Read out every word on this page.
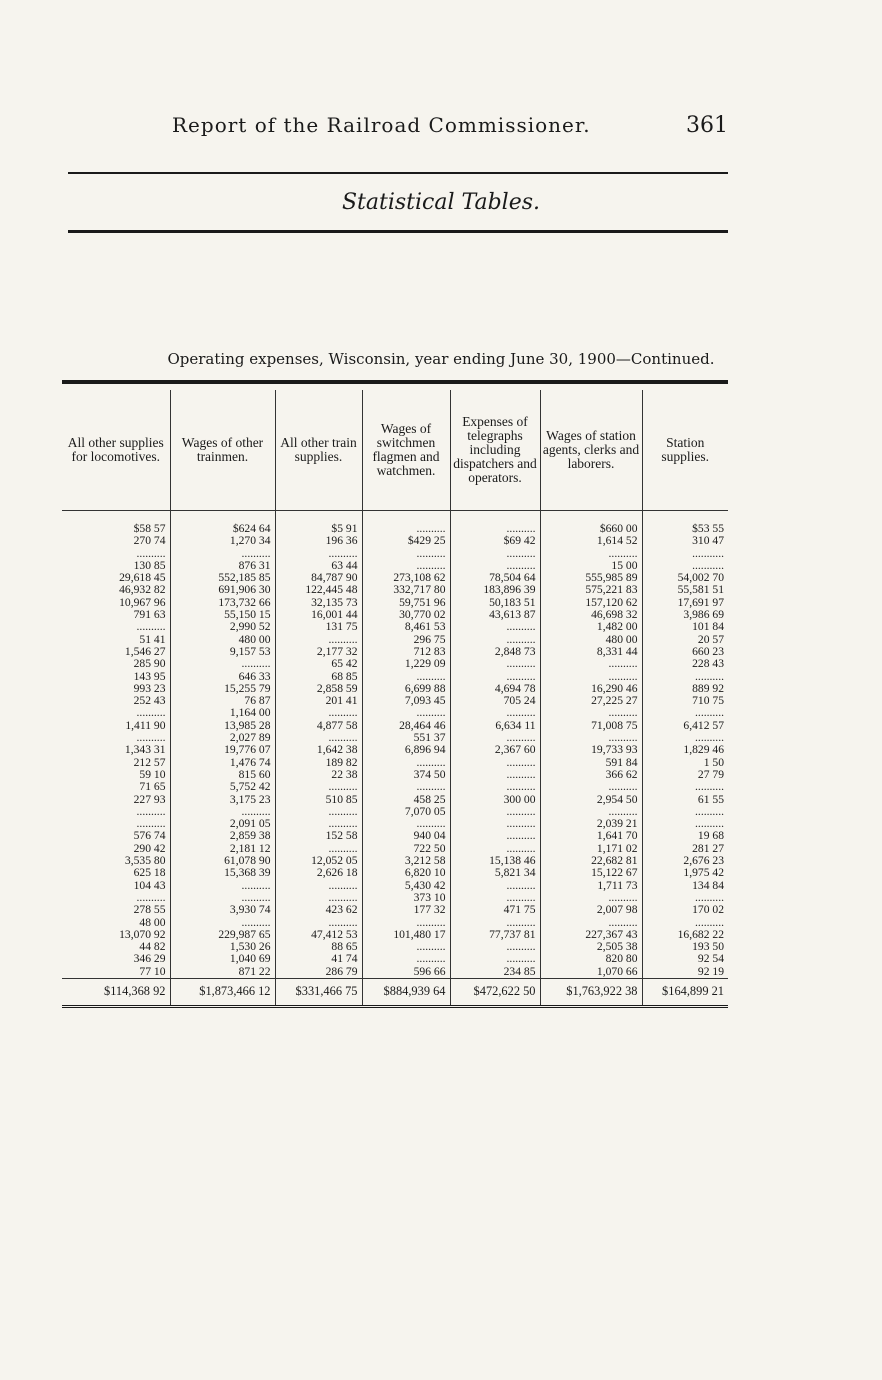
Report of the Railroad Commissioner.	361
Statistical Tables.
Operating expenses, Wisconsin, year ending June 30, 1900—Continued.
All other supplies for locomotives.	Wages of other trainmen.	All other train supplies.	Wages of switchmen flagmen and watchmen.	Expenses of telegraphs including dispatchers and operators.	Wages of station agents, clerks and laborers.	Station supplies.

$58 57	$624 64	$5 91	..........	..........	$660 00	$53 55
270 74	1,270 34	196 36	$429 25	$69 42	1,614 52	310 47
..........	..........	..........	..........	..........	..........	...........
130 85	876 31	63 44	..........	..........	15 00	...........
29,618 45	552,185 85	84,787 90	273,108 62	78,504 64	555,985 89	54,002 70
46,932 82	691,906 30	122,445 48	332,717 80	183,896 39	575,221 83	55,581 51
10,967 96	173,732 66	32,135 73	59,751 96	50,183 51	157,120 62	17,691 97
791 63	55,150 15	16,001 44	30,770 02	43,613 87	46,698 32	3,986 69
..........	2,990 52	131 75	8,461 53	..........	1,482 00	101 84
51 41	480 00	..........	296 75	..........	480 00	20 57
1,546 27	9,157 53	2,177 32	712 83	2,848 73	8,331 44	660 23
285 90	..........	65 42	1,229 09	..........	..........	228 43
143 95	646 33	68 85	..........	..........	..........	..........
993 23	15,255 79	2,858 59	6,699 88	4,694 78	16,290 46	889 92
252 43	76 87	201 41	7,093 45	705 24	27,225 27	710 75
..........	1,164 00	..........	..........	..........	..........	..........
1,411 90	13,985 28	4,877 58	28,464 46	6,634 11	71,008 75	6,412 57
..........	2,027 89	..........	551 37	..........	..........	..........
1,343 31	19,776 07	1,642 38	6,896 94	2,367 60	19,733 93	1,829 46
212 57	1,476 74	189 82	..........	..........	591 84	1 50
59 10	815 60	22 38	374 50	..........	366 62	27 79
71 65	5,752 42	..........	..........	..........	..........	..........
227 93	3,175 23	510 85	458 25	300 00	2,954 50	61 55
..........	..........	..........	7,070 05	..........	..........	..........
..........	2,091 05	..........	..........	..........	2,039 21	..........
576 74	2,859 38	152 58	940 04	..........	1,641 70	19 68
290 42	2,181 12	..........	722 50	..........	1,171 02	281 27
3,535 80	61,078 90	12,052 05	3,212 58	15,138 46	22,682 81	2,676 23
625 18	15,368 39	2,626 18	6,820 10	5,821 34	15,122 67	1,975 42
104 43	..........	..........	5,430 42	..........	1,711 73	134 84
..........	..........	..........	373 10	..........	..........	..........
278 55	3,930 74	423 62	177 32	471 75	2,007 98	170 02
48 00	..........	..........	..........	..........	..........	..........
13,070 92	229,987 65	47,412 53	101,480 17	77,737 81	227,367 43	16,682 22
44 82	1,530 26	88 65	..........	..........	2,505 38	193 50
346 29	1,040 69	41 74	..........	..........	820 80	92 54
77 10	871 22	286 79	596 66	234 85	1,070 66	92 19
$114,368 92	$1,873,466 12	$331,466 75	$884,939 64	$472,622 50	$1,763,922 38	$164,899 21
